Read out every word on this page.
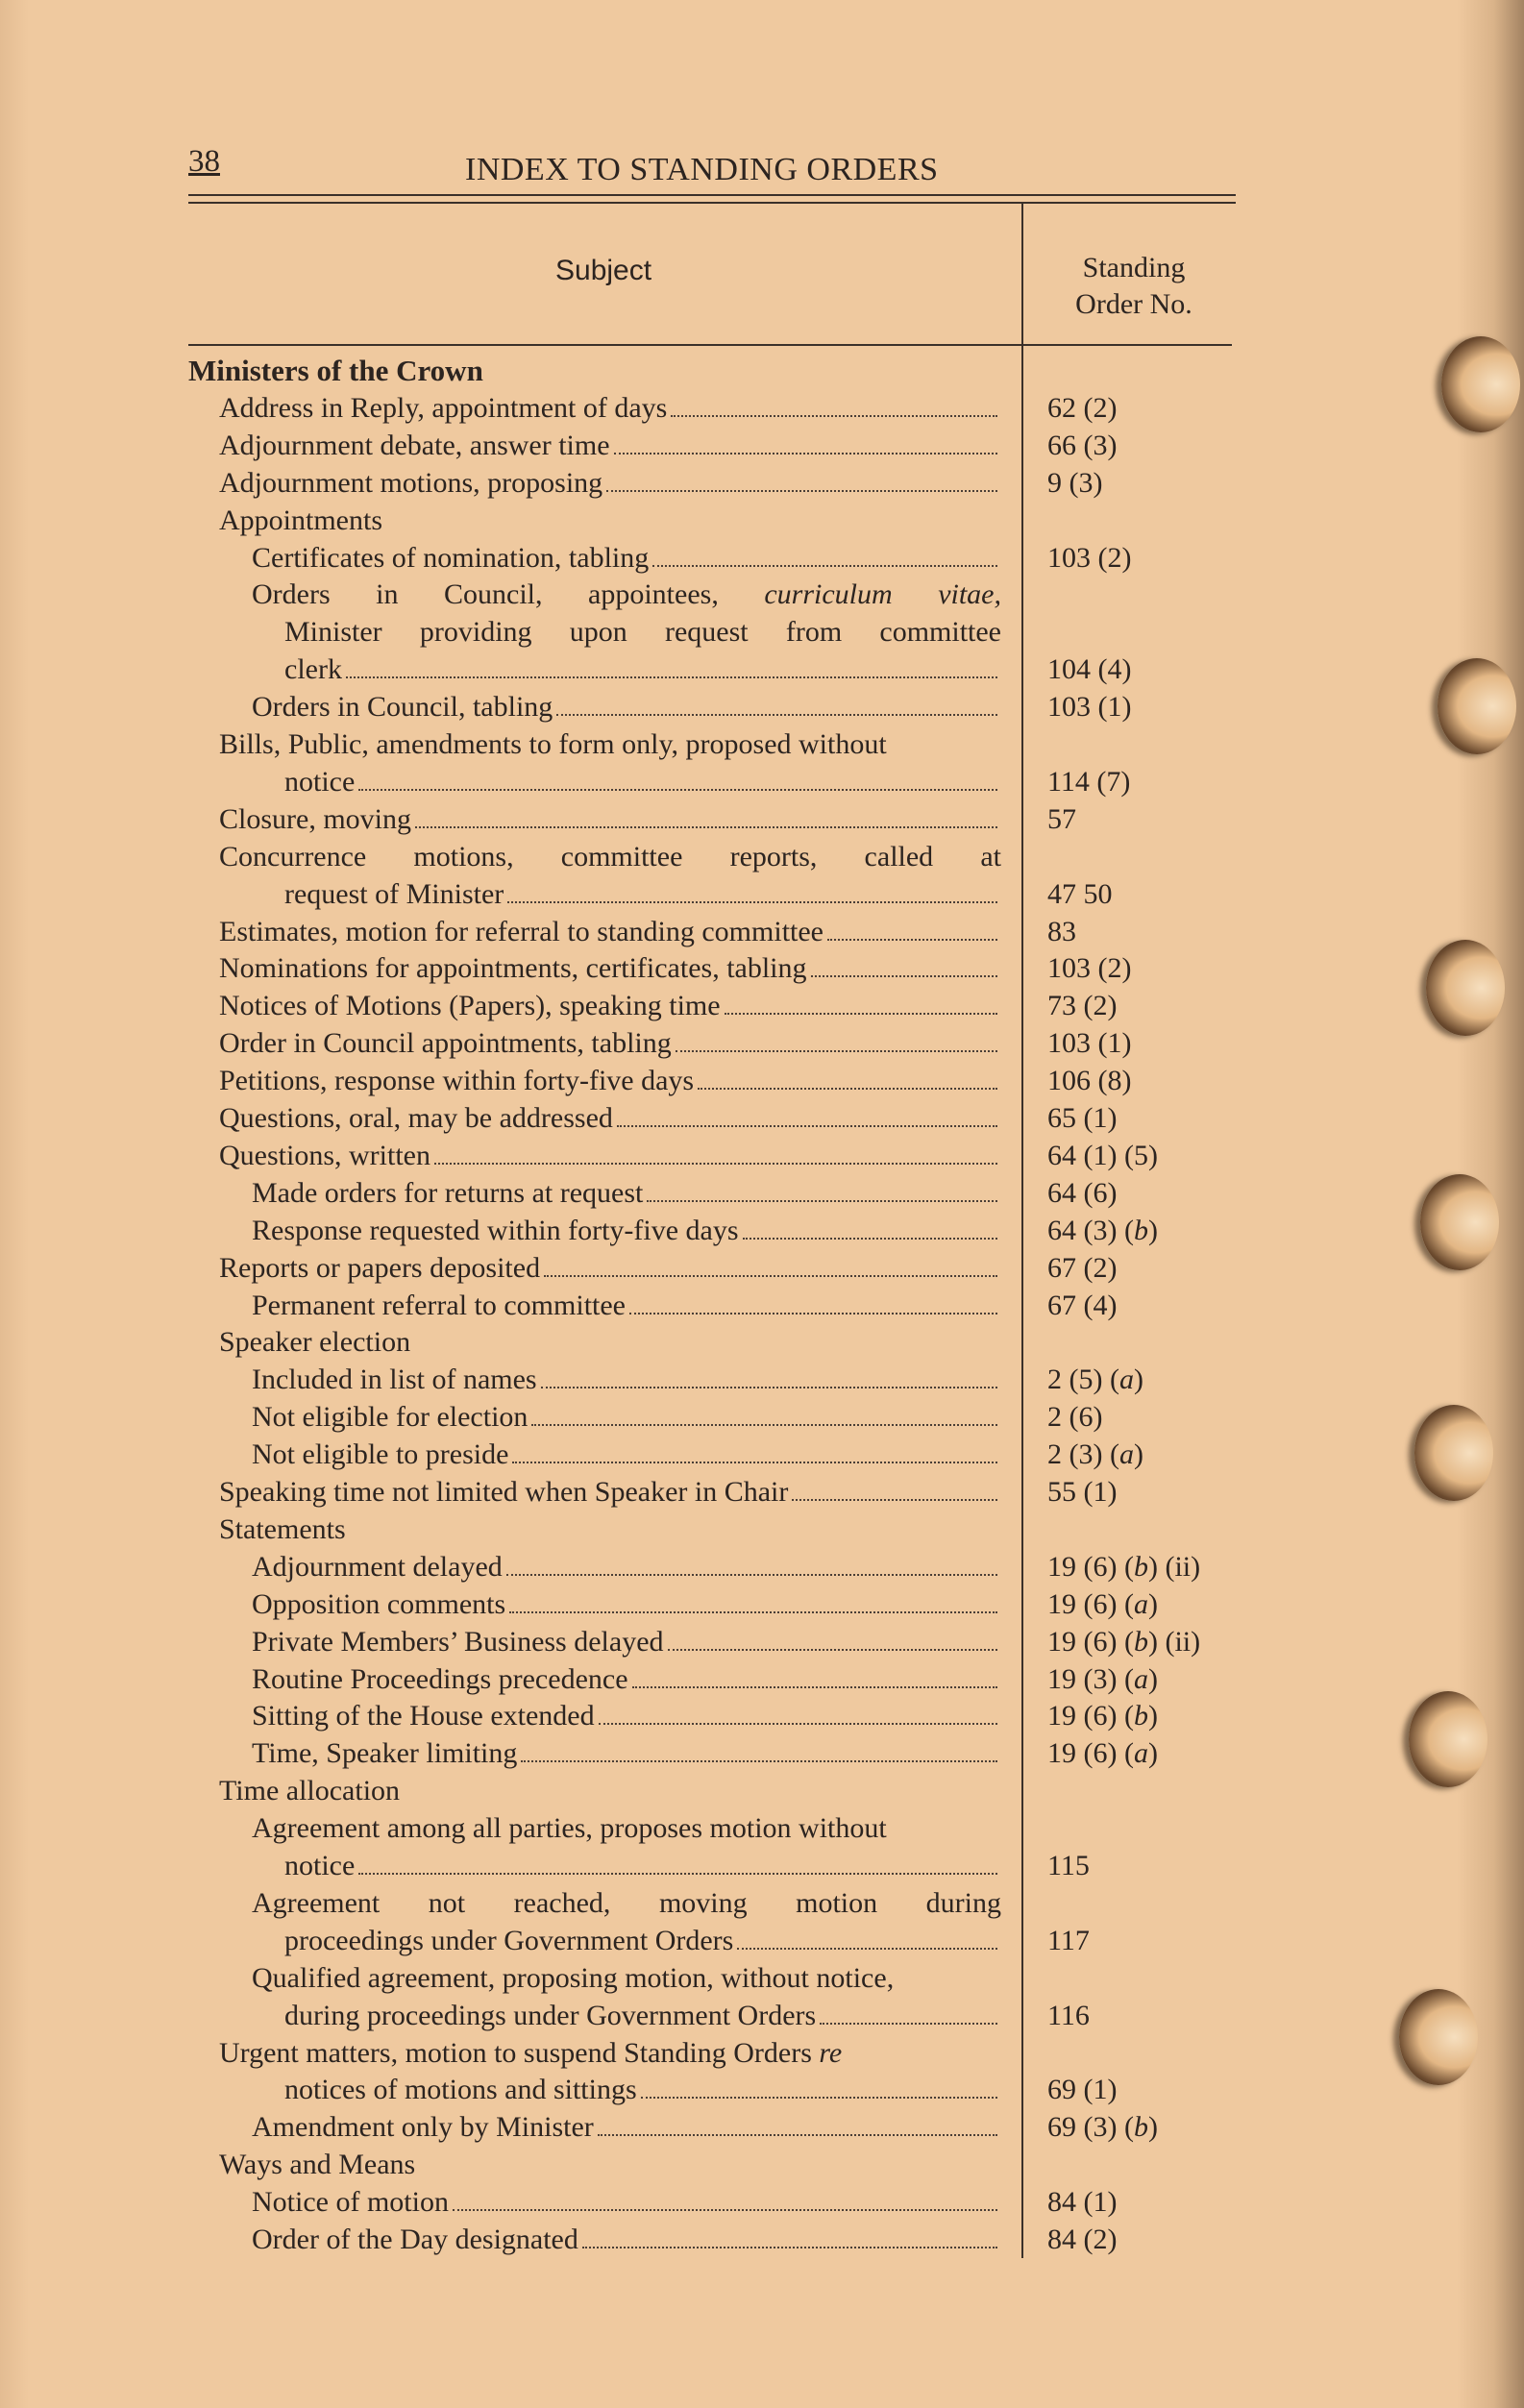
38	INDEX TO STANDING ORDERS
Subject	Standing
Order No.
Ministers of the Crown
Address in Reply, appointment of days	62 (2)
Adjournment debate, answer time	66 (3)
Adjournment motions, proposing	9 (3)
Appointments
Certificates of nomination, tabling	103 (2)
Orders in Council, appointees, curriculum vitae,
Minister providing upon request from committee
clerk	104 (4)
Orders in Council, tabling	103 (1)
Bills, Public, amendments to form only, proposed without
notice	114 (7)
Closure, moving	57
Concurrence motions, committee reports, called at
request of Minister	47 50
Estimates, motion for referral to standing committee	83
Nominations for appointments, certificates, tabling	103 (2)
Notices of Motions (Papers), speaking time	73 (2)
Order in Council appointments, tabling	103 (1)
Petitions, response within forty-five days	106 (8)
Questions, oral, may be addressed	65 (1)
Questions, written	64 (1) (5)
Made orders for returns at request	64 (6)
Response requested within forty-five days	64 (3) (b)
Reports or papers deposited	67 (2)
Permanent referral to committee	67 (4)
Speaker election
Included in list of names	2 (5) (a)
Not eligible for election	2 (6)
Not eligible to preside	2 (3) (a)
Speaking time not limited when Speaker in Chair	55 (1)
Statements
Adjournment delayed	19 (6) (b) (ii)
Opposition comments	19 (6) (a)
Private Members’ Business delayed	19 (6) (b) (ii)
Routine Proceedings precedence	19 (3) (a)
Sitting of the House extended	19 (6) (b)
Time, Speaker limiting	19 (6) (a)
Time allocation
Agreement among all parties, proposes motion without
notice	115
Agreement not reached, moving motion during
proceedings under Government Orders	117
Qualified agreement, proposing motion, without notice,
during proceedings under Government Orders	116
Urgent matters, motion to suspend Standing Orders re
notices of motions and sittings	69 (1)
Amendment only by Minister	69 (3) (b)
Ways and Means
Notice of motion	84 (1)
Order of the Day designated	84 (2)
